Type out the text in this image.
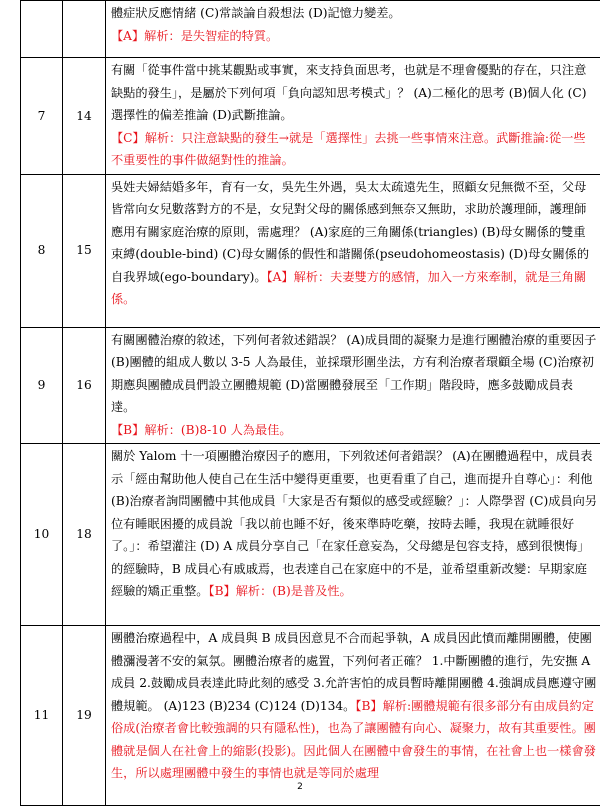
		體症狀反應情緒 (C)常談論自殺想法 (D)記憶力變差。
【A】解析：是失智症的特質。
7	14	有關「從事件當中挑某觀點或事實，來支持負面思考，也就是不理會優點的存在，只注意缺點的發生」，是屬於下列何項「負向認知思考模式」？ (A)二極化的思考 (B)個人化 (C)選擇性的偏差推論 (D)武斷推論。
【C】解析：只注意缺點的發生→就是「選擇性」去挑一些事情來注意。武斷推論:從一些不重要性的事件做絕對性的推論。
8	15	吳姓夫婦結婚多年，育有一女，吳先生外遇，吳太太疏遠先生，照顧女兒無微不至，父母皆常向女兒數落對方的不是，女兒對父母的關係感到無奈又無助，求助於護理師，護理師應用有關家庭治療的原則，需處理？ (A)家庭的三角關係(triangles) (B)母女關係的雙重束縛(double-bind) (C)母女關係的假性和諧關係(pseudohomeostasis) (D)母女關係的自我界域(ego-boundary)。【A】解析：夫妻雙方的感情，加入一方來牽制，就是三角關係。
9	16	有關團體治療的敘述，下列何者敘述錯誤？ (A)成員間的凝聚力是進行團體治療的重要因子 (B)團體的組成人數以 3-5 人為最佳，並採環形圍坐法，方有利治療者環顧全場 (C)治療初期應與團體成員們設立團體規範 (D)當團體發展至「工作期」階段時，應多鼓勵成員表達。
【B】解析：(B)8-10 人為最佳。
10	18	關於 Yalom 十一項團體治療因子的應用，下列敘述何者錯誤？ (A)在團體過程中，成員表示「經由幫助他人使自己在生活中變得更重要，也更看重了自己，進而提升自尊心」：利他 (B)治療者詢問團體中其他成員「大家是否有類似的感受或經驗？」：人際學習 (C)成員向另位有睡眠困擾的成員說「我以前也睡不好，後來準時吃藥，按時去睡，我現在就睡很好了。」：希望灌注 (D) A 成員分享自己「在家任意妄為，父母總是包容支持，感到很懊悔」的經驗時，B 成員心有戚戚焉，也表達自己在家庭中的不是，並希望重新改變：早期家庭經驗的矯正重整。【B】解析：(B)是普及性。
11	19	團體治療過程中，A 成員與 B 成員因意見不合而起爭執，A 成員因此憤而離開團體，使團體瀰漫著不安的氣氛。團體治療者的處置，下列何者正確？ 1.中斷團體的進行，先安撫 A 成員 2.鼓勵成員表達此時此刻的感受 3.允許害怕的成員暫時離開團體 4.強調成員應遵守團體規範。 (A)123 (B)234 (C)124 (D)134。【B】解析:團體規範有很多部分有由成員約定俗成(治療者會比較強調的只有隱私性)，也為了讓團體有向心、凝聚力，故有其重要性。團體就是個人在社會上的縮影(投影)。因此個人在團體中會發生的事情，在社會上也一樣會發生，所以處理團體中發生的事情也就是等同於處理
2
